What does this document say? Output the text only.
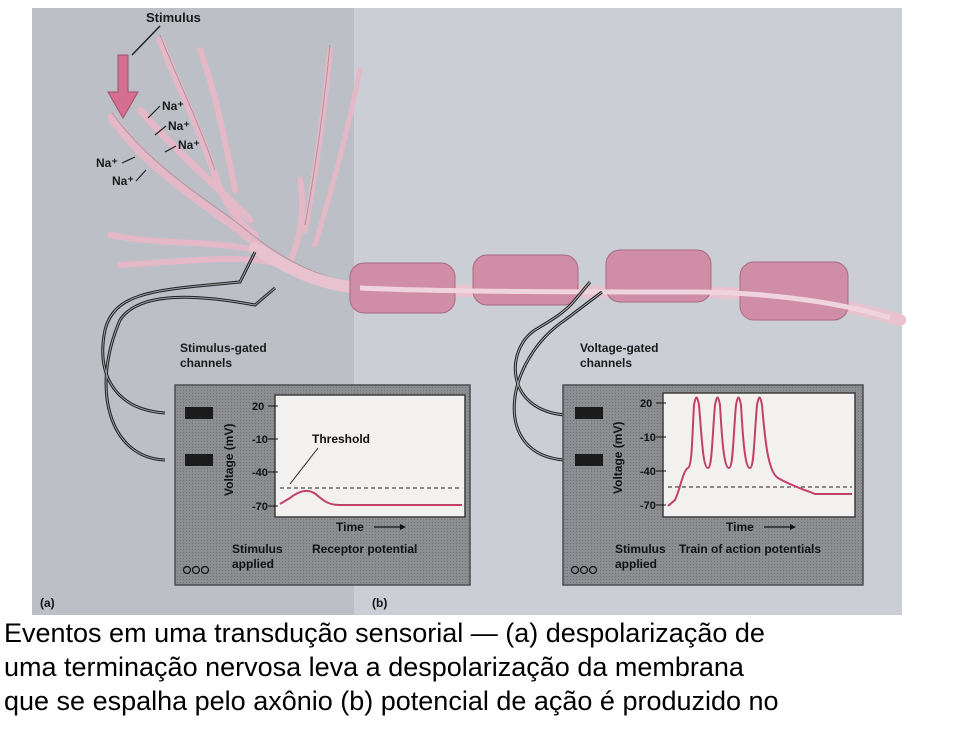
Stimulus
Na⁺
Na⁺
Na⁺
Na⁺
Na⁺
Stimulus-gated
channels
Voltage-gated
channels
Voltage (mV)
20
-10
-40
-70
Threshold
Time
Stimulus
applied
Receptor potential
Voltage (mV)
20
-10
-40
-70
Time
Stimulus
applied
Train of action potentials
(a)	(b)
Eventos em uma transdução sensorial — (a) despolarização de
uma terminação nervosa leva a despolarização da membrana
que se espalha pelo axônio (b) potencial de ação é produzido no
